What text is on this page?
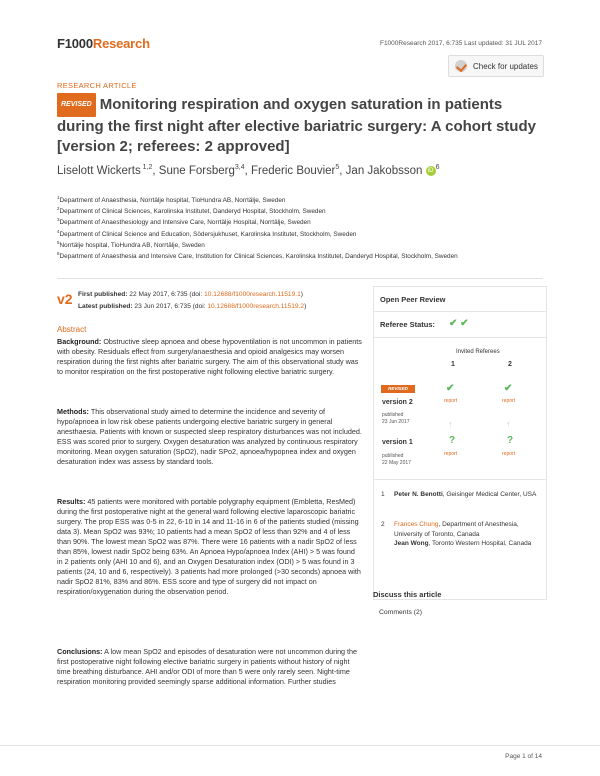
F1000Research	F1000Research 2017, 6:735 Last updated: 31 JUL 2017
Check for updates
RESEARCH ARTICLE
REVISED Monitoring respiration and oxygen saturation in patients during the first night after elective bariatric surgery: A cohort study [version 2; referees: 2 approved]
Liselott Wickerts $^{1,2}$, Sune Forsberg$^{3,4}$, Frederic Bouvier$^5$, Jan Jakobsson iD $^6$
$^1$Department of Anaesthesia, Norrtälje hospital, TioHundra AB, Norrtälje, Sweden
$^2$Department of Clinical Sciences, Karolinska Institutet, Danderyd Hospital, Stockholm, Sweden
$^3$Department of Anaesthesiology and Intensive Care, Norrtälje Hospital, Norrtälje, Sweden
$^4$Department of Clinical Science and Education, Södersjukhuset, Karolinska Institutet, Stockholm, Sweden
$^5$Norrtälje hospital, TioHundra AB, Norrtälje, Sweden
$^6$Department of Anaesthesia and Intensive Care, Institution for Clinical Sciences, Karolinska Institutet, Danderyd Hospital, Stockholm, Sweden
v2 First published: 22 May 2017, 6:735 (doi: 10.12688/f1000research.11519.1)
Latest published: 23 Jun 2017, 6:735 (doi: 10.12688/f1000research.11519.2)
Abstract
Background: Obstructive sleep apnoea and obese hypoventilation is not uncommon in patients with obesity. Residuals effect from surgery/anaesthesia and opioid analgesics may worsen respiration during the first nights after bariatric surgery. The aim of this observational study was to monitor respiration on the first postoperative night following elective bariatric surgery.
Methods: This observational study aimed to determine the incidence and severity of hypo/apnoea in low risk obese patients undergoing elective bariatric surgery in general anesthaesia. Patients with known or suspected sleep respiratory disturbances was not included. ESS was scored prior to surgery. Oxygen desaturation was analyzed by continuous respiratory monitoring. Mean oxygen saturation (SpO2), nadir SPo2, apnoea/hypopnea index and oxygen desaturation index was assess by standard tools.
Results: 45 patients were monitored with portable polygraphy equipment (Embletta, ResMed) during the first postoperative night at the general ward following elective laparoscopic bariatric surgery. The prop ESS was 0-5 in 22, 6-10 in 14 and 11-16 in 6 of the patients studied (missing data 3). Mean SpO2 was 93%; 10 patients had a mean SpO2 of less than 92% and 4 of less than 90%. The lowest mean SpO2 was 87%. There were 16 patients with a nadir SpO2 of less than 85%, lowest nadir SpO2 being 63%. An Apnoea Hypo/apnoea Index (AHI) > 5 was found in 2 patients only (AHI 10 and 6), and an Oxygen Desaturation index (ODI) > 5 was found in 3 patients (24, 10 and 6, respectively). 3 patients had more prolonged (>30 seconds) apnoea with nadir SpO2 81%, 83% and 86%. ESS score and type of surgery did not impact on respiration/oxygenation during the observation period.
Conclusions: A low mean SpO2 and episodes of desaturation were not uncommon during the first postoperative night following elective bariatric surgery in patients without history of night time breathing disturbance. AHI and/or ODI of more than 5 were only rarely seen. Night-time respiration monitoring provided seemingly sparse additional information. Further studies
Open Peer Review
Referee Status: ✔ ✔
Invited Referees
1	2
REVISED
version 2
published
23 Jun 2017
✔	✔
report	report
↑	↑
version 1
published
22 May 2017
?	?
report	report
1 Peter N. Benotti, Geisinger Medical Center, USA
2 Frances Chung, Department of Anesthesia, University of Toronto, Canada
Jean Wong, Toronto Western Hospital, Canada
Discuss this article
Comments (2)
Page 1 of 14
